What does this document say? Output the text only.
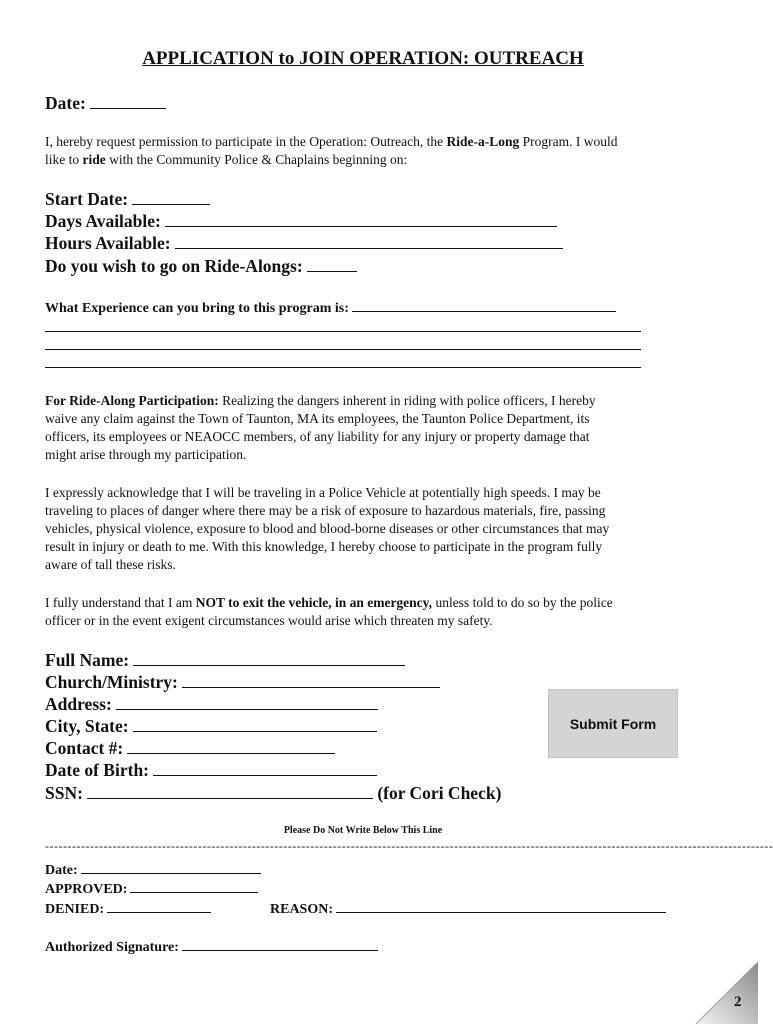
APPLICATION to JOIN OPERATION: OUTREACH
Date:
I, hereby request permission to participate in the Operation: Outreach, the Ride-a-Long Program. I would
like to ride with the Community Police & Chaplains beginning on:
Start Date:
Days Available:
Hours Available:
Do you wish to go on Ride-Alongs:
What Experience can you bring to this program is:
For Ride-Along Participation: Realizing the dangers inherent in riding with police officers, I hereby
waive any claim against the Town of Taunton, MA its employees, the Taunton Police Department, its
officers, its employees or NEAOCC members, of any liability for any injury or property damage that
might arise through my participation.
I expressly acknowledge that I will be traveling in a Police Vehicle at potentially high speeds. I may be
traveling to places of danger where there may be a risk of exposure to hazardous materials, fire, passing
vehicles, physical violence, exposure to blood and blood-borne diseases or other circumstances that may
result in injury or death to me. With this knowledge, I hereby choose to participate in the program fully
aware of tall these risks.
I fully understand that I am NOT to exit the vehicle, in an emergency, unless told to do so by the police
officer or in the event exigent circumstances would arise which threaten my safety.
Full Name:
Church/Ministry:
Address:
City, State:
Contact #:
Date of Birth:
SSN:	(for Cori Check)
Submit Form
Please Do Not Write Below This Line
------------------------------------------------------------------------------------------------------------------------------------------------------------------
Date:
APPROVED:
DENIED:	REASON:
Authorized Signature:
2
